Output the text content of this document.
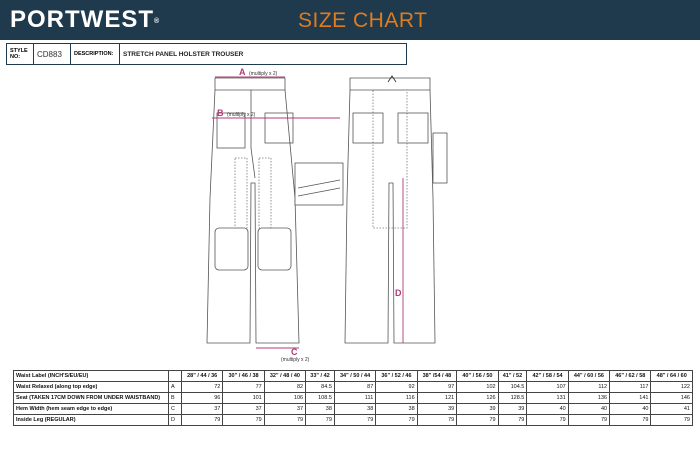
PORTWEST®	SIZE CHART
STYLE NO:	CD883 DESCRIPTION: STRETCH PANEL HOLSTER TROUSER
A (multiply x 2)
B (multiply x 2)
C
(multiply x 2)
D
Waist Label (INCH'S/EU/EU)		28" / 44 / 36	30" / 46 / 38	32" / 48 / 40	33" / 42	34" / 50 / 44	36" / 52 / 46	38" /54 / 48	40" / 56 / 50	41" / 52	42" / 58 / 54	44" / 60 / 56	46" / 62 / 58	48" / 64 / 60
Waist Relaxed (along top edge)	A	72	77	82	84.5	87	92	97	102	104.5	107	112	117	122
Seat (TAKEN 17CM DOWN FROM UNDER WAISTBAND)	B	96	101	106	108.5	111	116	121	126	128.5	131	136	141	146
Hem Width (hem seam edge to edge)	C	37	37	37	38	38	38	39	39	39	40	40	40	41
Inside Leg (REGULAR)	D	79	79	79	79	79	79	79	79	79	79	79	79	79
